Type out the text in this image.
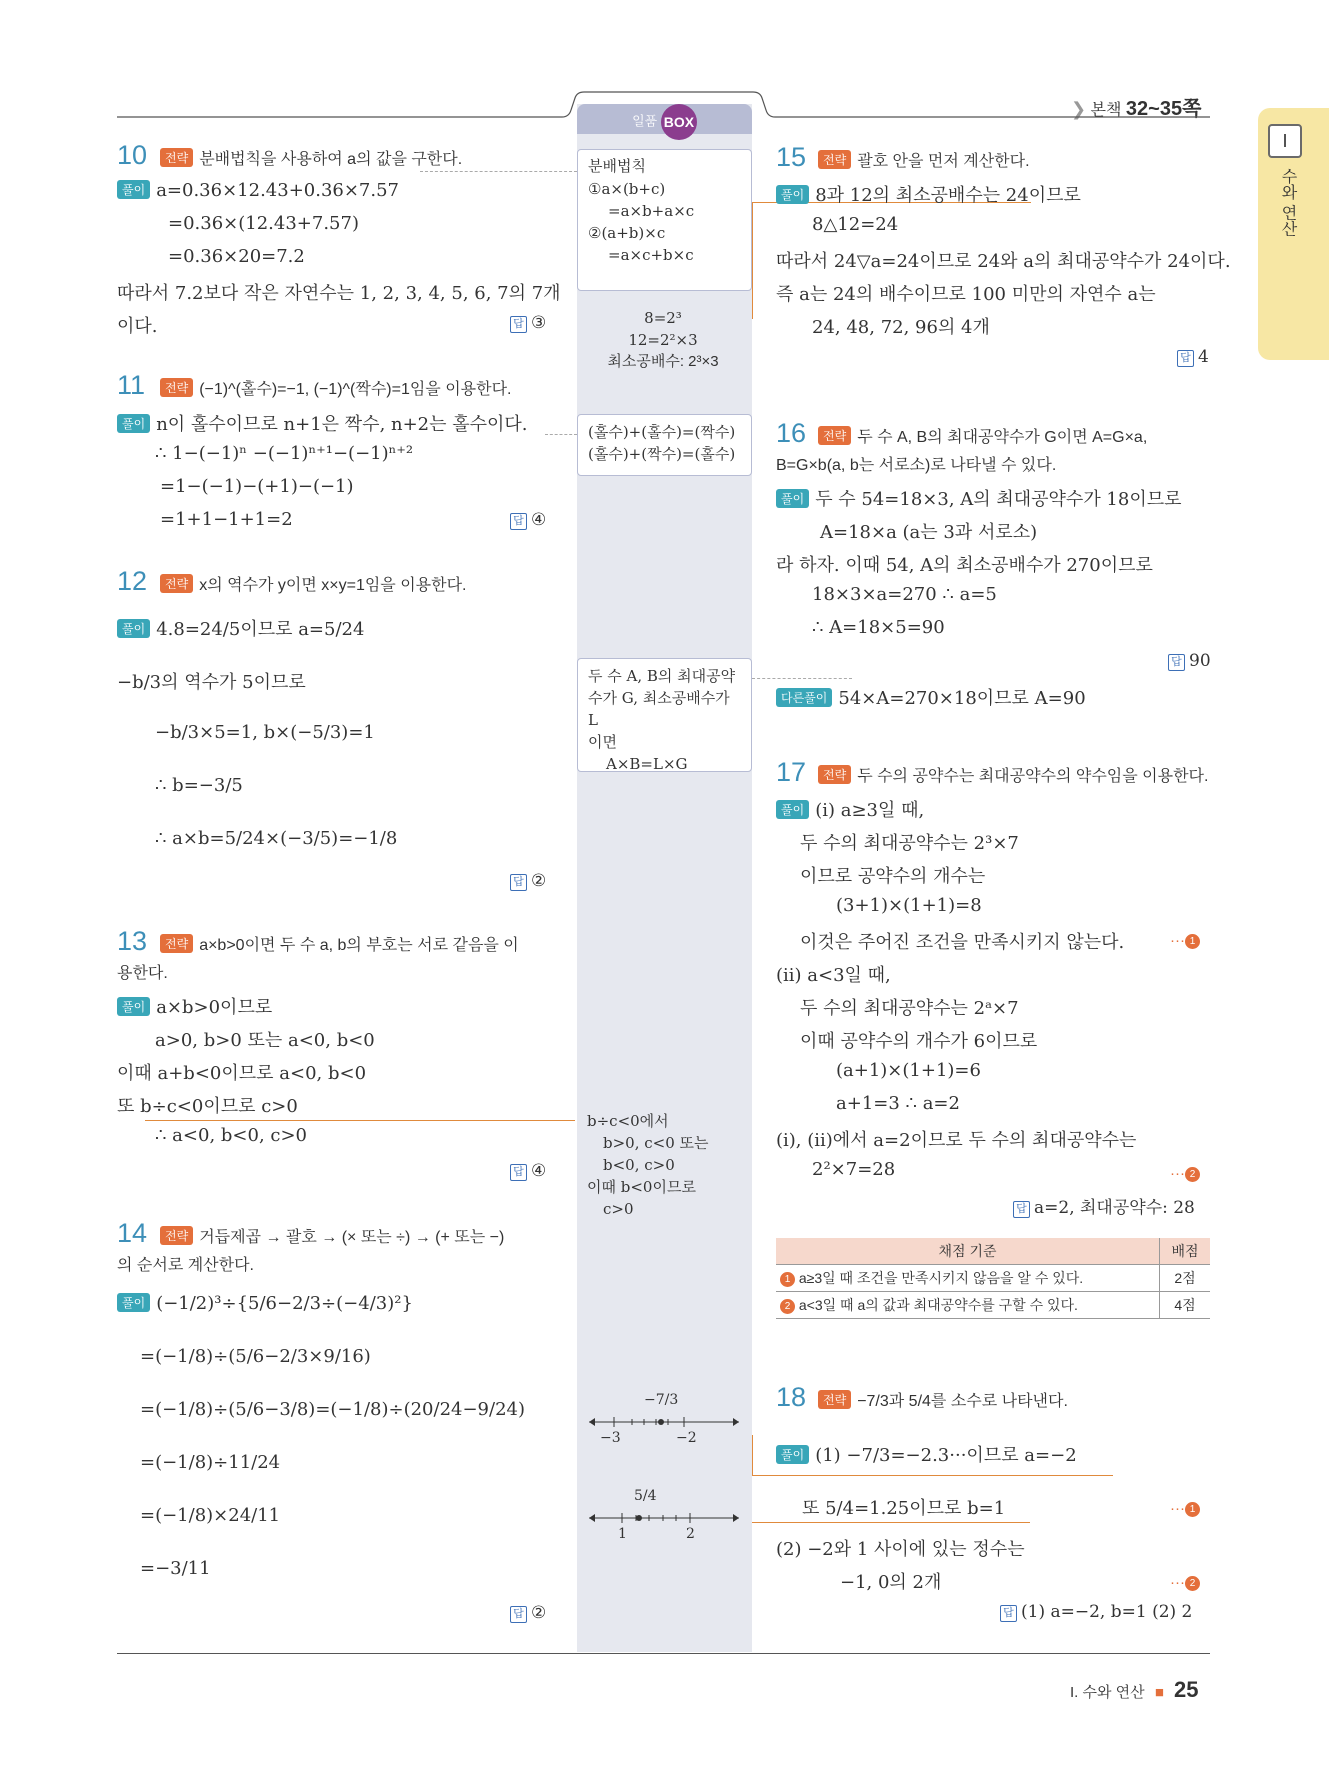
❯ 본책 32~35쪽
I
수와 연산
일품 BOX
분배법칙
①a×(b+c)
=a×b+a×c
②(a+b)×c
=a×c+b×c
8=2³
12=2²×3
최소공배수: 2³×3
(홀수)+(홀수)=(짝수)
(홀수)+(짝수)=(홀수)
두 수 A, B의 최대공약
수가 G, 최소공배수가 L
이면
A×B=L×G
b÷c<0에서
b>0, c<0 또는
b<0, c>0
이때 b<0이므로
c>0
−7/3
−3	−2
5/4
1	2
10	전략 분배법칙을 사용하여 a의 값을 구한다.
풀이 a=0.36×12.43+0.36×7.57
=0.36×(12.43+7.57)
=0.36×20=7.2
따라서 7.2보다 작은 자연수는 1, 2, 3, 4, 5, 6, 7의 7개
이다.	답 ③
11	전략 (−1)^(홀수)=−1, (−1)^(짝수)=1임을 이용한다.
풀이 n이 홀수이므로 n+1은 짝수, n+2는 홀수이다.
∴ 1−(−1)ⁿ −(−1)ⁿ⁺¹−(−1)ⁿ⁺²
=1−(−1)−(+1)−(−1)
=1+1−1+1=2	답 ④
12	전략 x의 역수가 y이면 x×y=1임을 이용한다.
풀이 4.8=24/5이므로 a=5/24
−b/3의 역수가 5이므로
−b/3×5=1, b×(−5/3)=1
∴ b=−3/5
∴ a×b=5/24×(−3/5)=−1/8
답 ②
13	전략 a×b>0이면 두 수 a, b의 부호는 서로 같음을 이
용한다.
풀이 a×b>0이므로
a>0, b>0 또는 a<0, b<0
이때 a+b<0이므로 a<0, b<0
또 b÷c<0이므로 c>0
∴ a<0, b<0, c>0
답 ④
14	전략 거듭제곱 → 괄호 → (× 또는 ÷) → (+ 또는 −)
의 순서로 계산한다.
풀이 (−1/2)³÷{5/6−2/3÷(−4/3)²}
=(−1/8)÷(5/6−2/3×9/16)
=(−1/8)÷(5/6−3/8)=(−1/8)÷(20/24−9/24)
=(−1/8)÷11/24
=(−1/8)×24/11
=−3/11
답 ②
15	전략 괄호 안을 먼저 계산한다.
풀이 8과 12의 최소공배수는 24이므로
8△12=24
따라서 24▽a=24이므로 24와 a의 최대공약수가 24이다.
즉 a는 24의 배수이므로 100 미만의 자연수 a는
24, 48, 72, 96의 4개
답 4
16	전략 두 수 A, B의 최대공약수가 G이면 A=G×a,
B=G×b(a, b는 서로소)로 나타낼 수 있다.
풀이 두 수 54=18×3, A의 최대공약수가 18이므로
A=18×a (a는 3과 서로소)
라 하자. 이때 54, A의 최소공배수가 270이므로
18×3×a=270 ∴ a=5
∴ A=18×5=90
답 90
다른풀이 54×A=270×18이므로 A=90
17	전략 두 수의 공약수는 최대공약수의 약수임을 이용한다.
풀이 (i) a≥3일 때,
두 수의 최대공약수는 2³×7
이므로 공약수의 개수는
(3+1)×(1+1)=8
이것은 주어진 조건을 만족시키지 않는다.	··· 1
(ii) a<3일 때,
두 수의 최대공약수는 2ᵃ×7
이때 공약수의 개수가 6이므로
(a+1)×(1+1)=6
a+1=3 ∴ a=2
(i), (ii)에서 a=2이므로 두 수의 최대공약수는
2²×7=28	··· 2
답 a=2, 최대공약수: 28
채점 기준	배점
1 a≥3일 때 조건을 만족시키지 않음을 알 수 있다.	2점
2 a<3일 때 a의 값과 최대공약수를 구할 수 있다.	4점
18	전략 −7/3과 5/4를 소수로 나타낸다.
풀이 (1) −7/3=−2.3···이므로 a=−2
또 5/4=1.25이므로 b=1	··· 1
(2) −2와 1 사이에 있는 정수는
−1, 0의 2개	··· 2
답 (1) a=−2, b=1 (2) 2
I. 수와 연산 ■ 25
